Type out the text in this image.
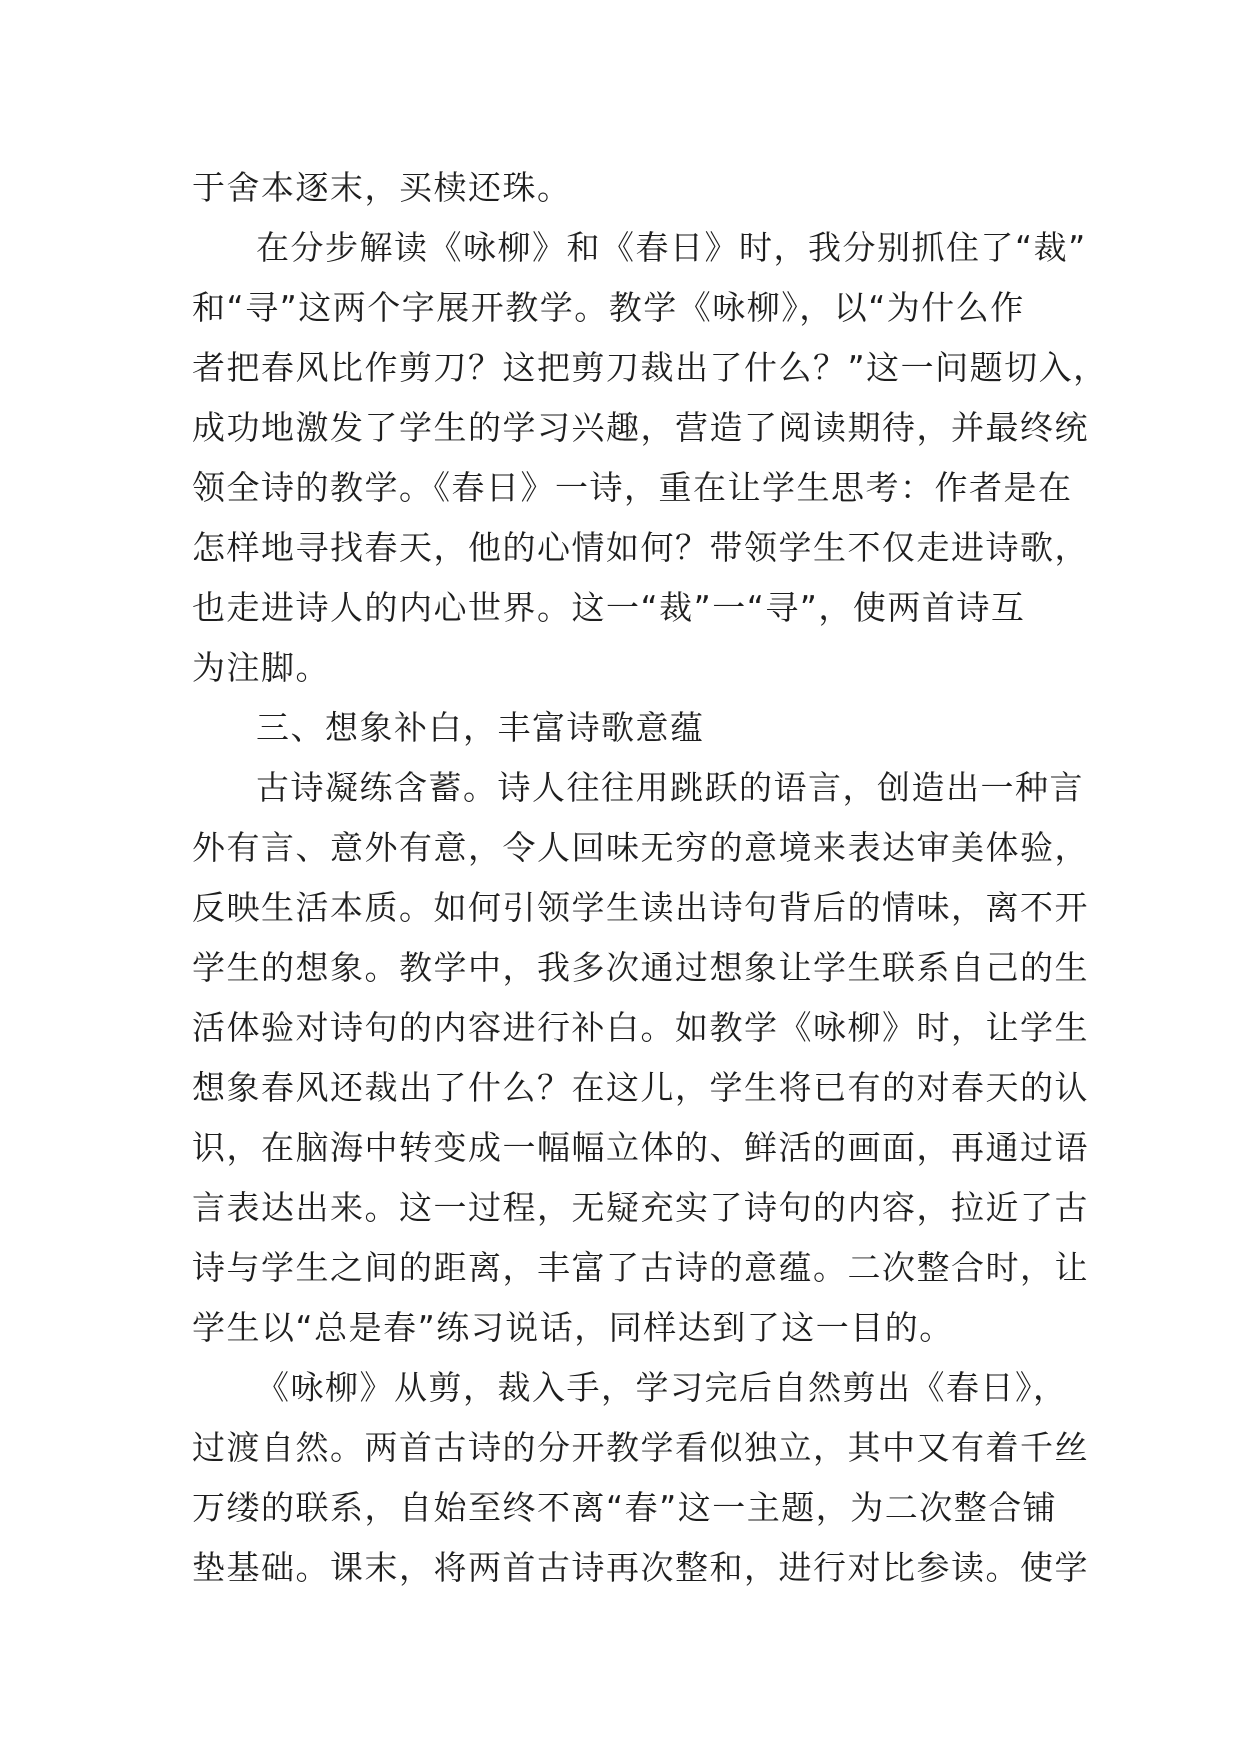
于舍本逐末，买椟还珠。
在分步解读《咏柳》和《春日》时，我分别抓住了“裁”
和“寻”这两个字展开教学。教学《咏柳》，以“为什么作
者把春风比作剪刀？这把剪刀裁出了什么？”这一问题切入，
成功地激发了学生的学习兴趣，营造了阅读期待，并最终统
领全诗的教学。《春日》一诗，重在让学生思考：作者是在
怎样地寻找春天，他的心情如何？带领学生不仅走进诗歌，
也走进诗人的内心世界。这一“裁”一“寻”，使两首诗互
为注脚。
三、想象补白，丰富诗歌意蕴
古诗凝练含蓄。诗人往往用跳跃的语言，创造出一种言
外有言、意外有意，令人回味无穷的意境来表达审美体验，
反映生活本质。如何引领学生读出诗句背后的情味，离不开
学生的想象。教学中，我多次通过想象让学生联系自己的生
活体验对诗句的内容进行补白。如教学《咏柳》时，让学生
想象春风还裁出了什么？在这儿，学生将已有的对春天的认
识，在脑海中转变成一幅幅立体的、鲜活的画面，再通过语
言表达出来。这一过程，无疑充实了诗句的内容，拉近了古
诗与学生之间的距离，丰富了古诗的意蕴。二次整合时，让
学生以“总是春”练习说话，同样达到了这一目的。
《咏柳》从剪，裁入手，学习完后自然剪出《春日》，
过渡自然。两首古诗的分开教学看似独立，其中又有着千丝
万缕的联系，自始至终不离“春”这一主题，为二次整合铺
垫基础。课末，将两首古诗再次整和，进行对比参读。使学
